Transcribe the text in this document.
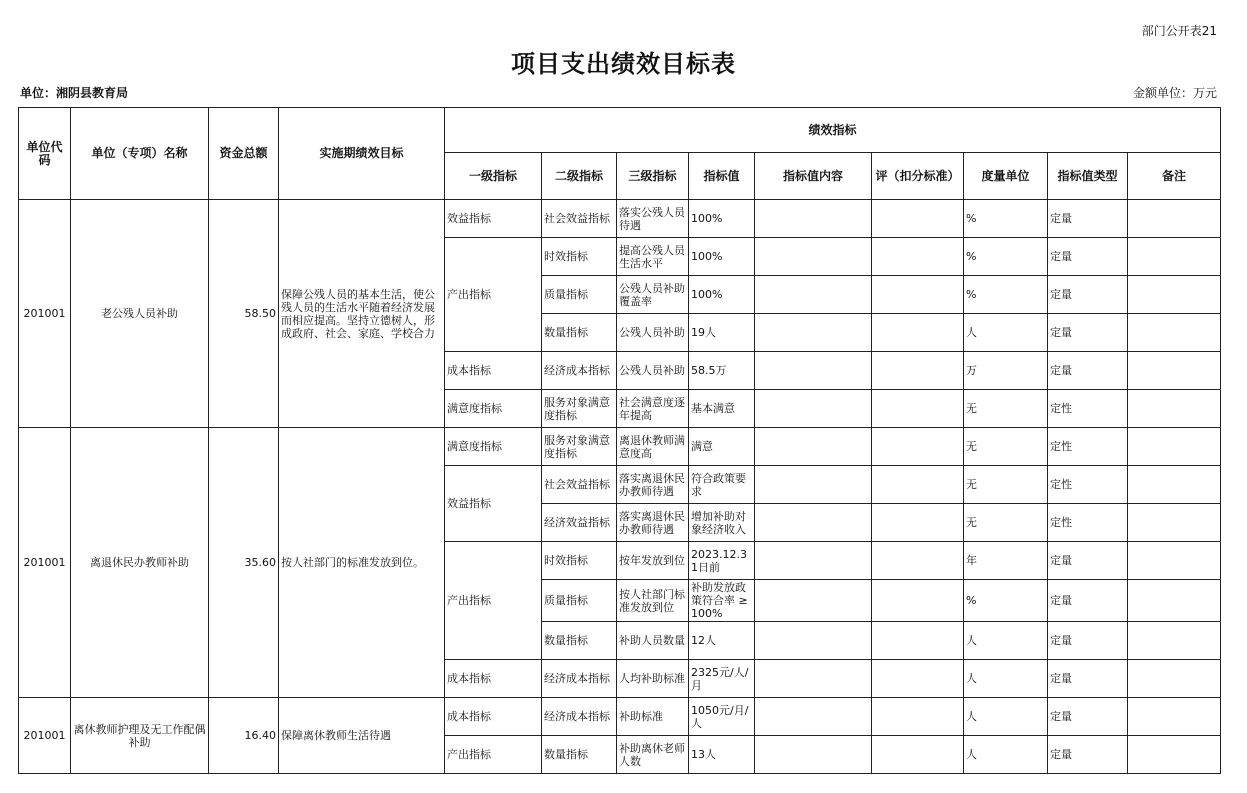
部门公开表21
项目支出绩效目标表
单位：湘阴县教育局	金额单位：万元
单位代码	单位（专项）名称	资金总额	实施期绩效目标	绩效指标								
				一级指标	二级指标	三级指标	指标值	指标值内容	评（扣分标准）	度量单位	指标值类型	备注
201001	老公残人员补助	58.50	保障公残人员的基本生活，使公残人员的生活水平随着经济发展而相应提高。坚持立德树人，形成政府、社会、家庭、学校合力	效益指标	社会效益指标	落实公残人员待遇	100%			%	定量	
				产出指标	时效指标	提高公残人员生活水平	100%			%	定量	
					质量指标	公残人员补助覆盖率	100%			%	定量	
					数量指标	公残人员补助	19人			人	定量	
				成本指标	经济成本指标	公残人员补助	58.5万			万	定量	
				满意度指标	服务对象满意度指标	社会满意度逐年提高	基本满意			无	定性	
201001	离退休民办教师补助	35.60	按人社部门的标准发放到位。	满意度指标	服务对象满意度指标	离退休教师满意度高	满意			无	定性	
				效益指标	社会效益指标	落实离退休民办教师待遇	符合政策要求			无	定性	
					经济效益指标	落实离退休民办教师待遇	增加补助对象经济收入			无	定性	
				产出指标	时效指标	按年发放到位	2023.12.31日前			年	定量	
					质量指标	按人社部门标准发放到位	补助发放政策符合率 ≥100%			%	定量	
					数量指标	补助人员数量	12人			人	定量	
				成本指标	经济成本指标	人均补助标准	2325元/人/月			人	定量	
201001	离休教师护理及无工作配偶补助	16.40	保障离休教师生活待遇	成本指标	经济成本指标	补助标准	1050元/月/人			人	定量	
				产出指标	数量指标	补助离休老师人数	13人			人	定量	
